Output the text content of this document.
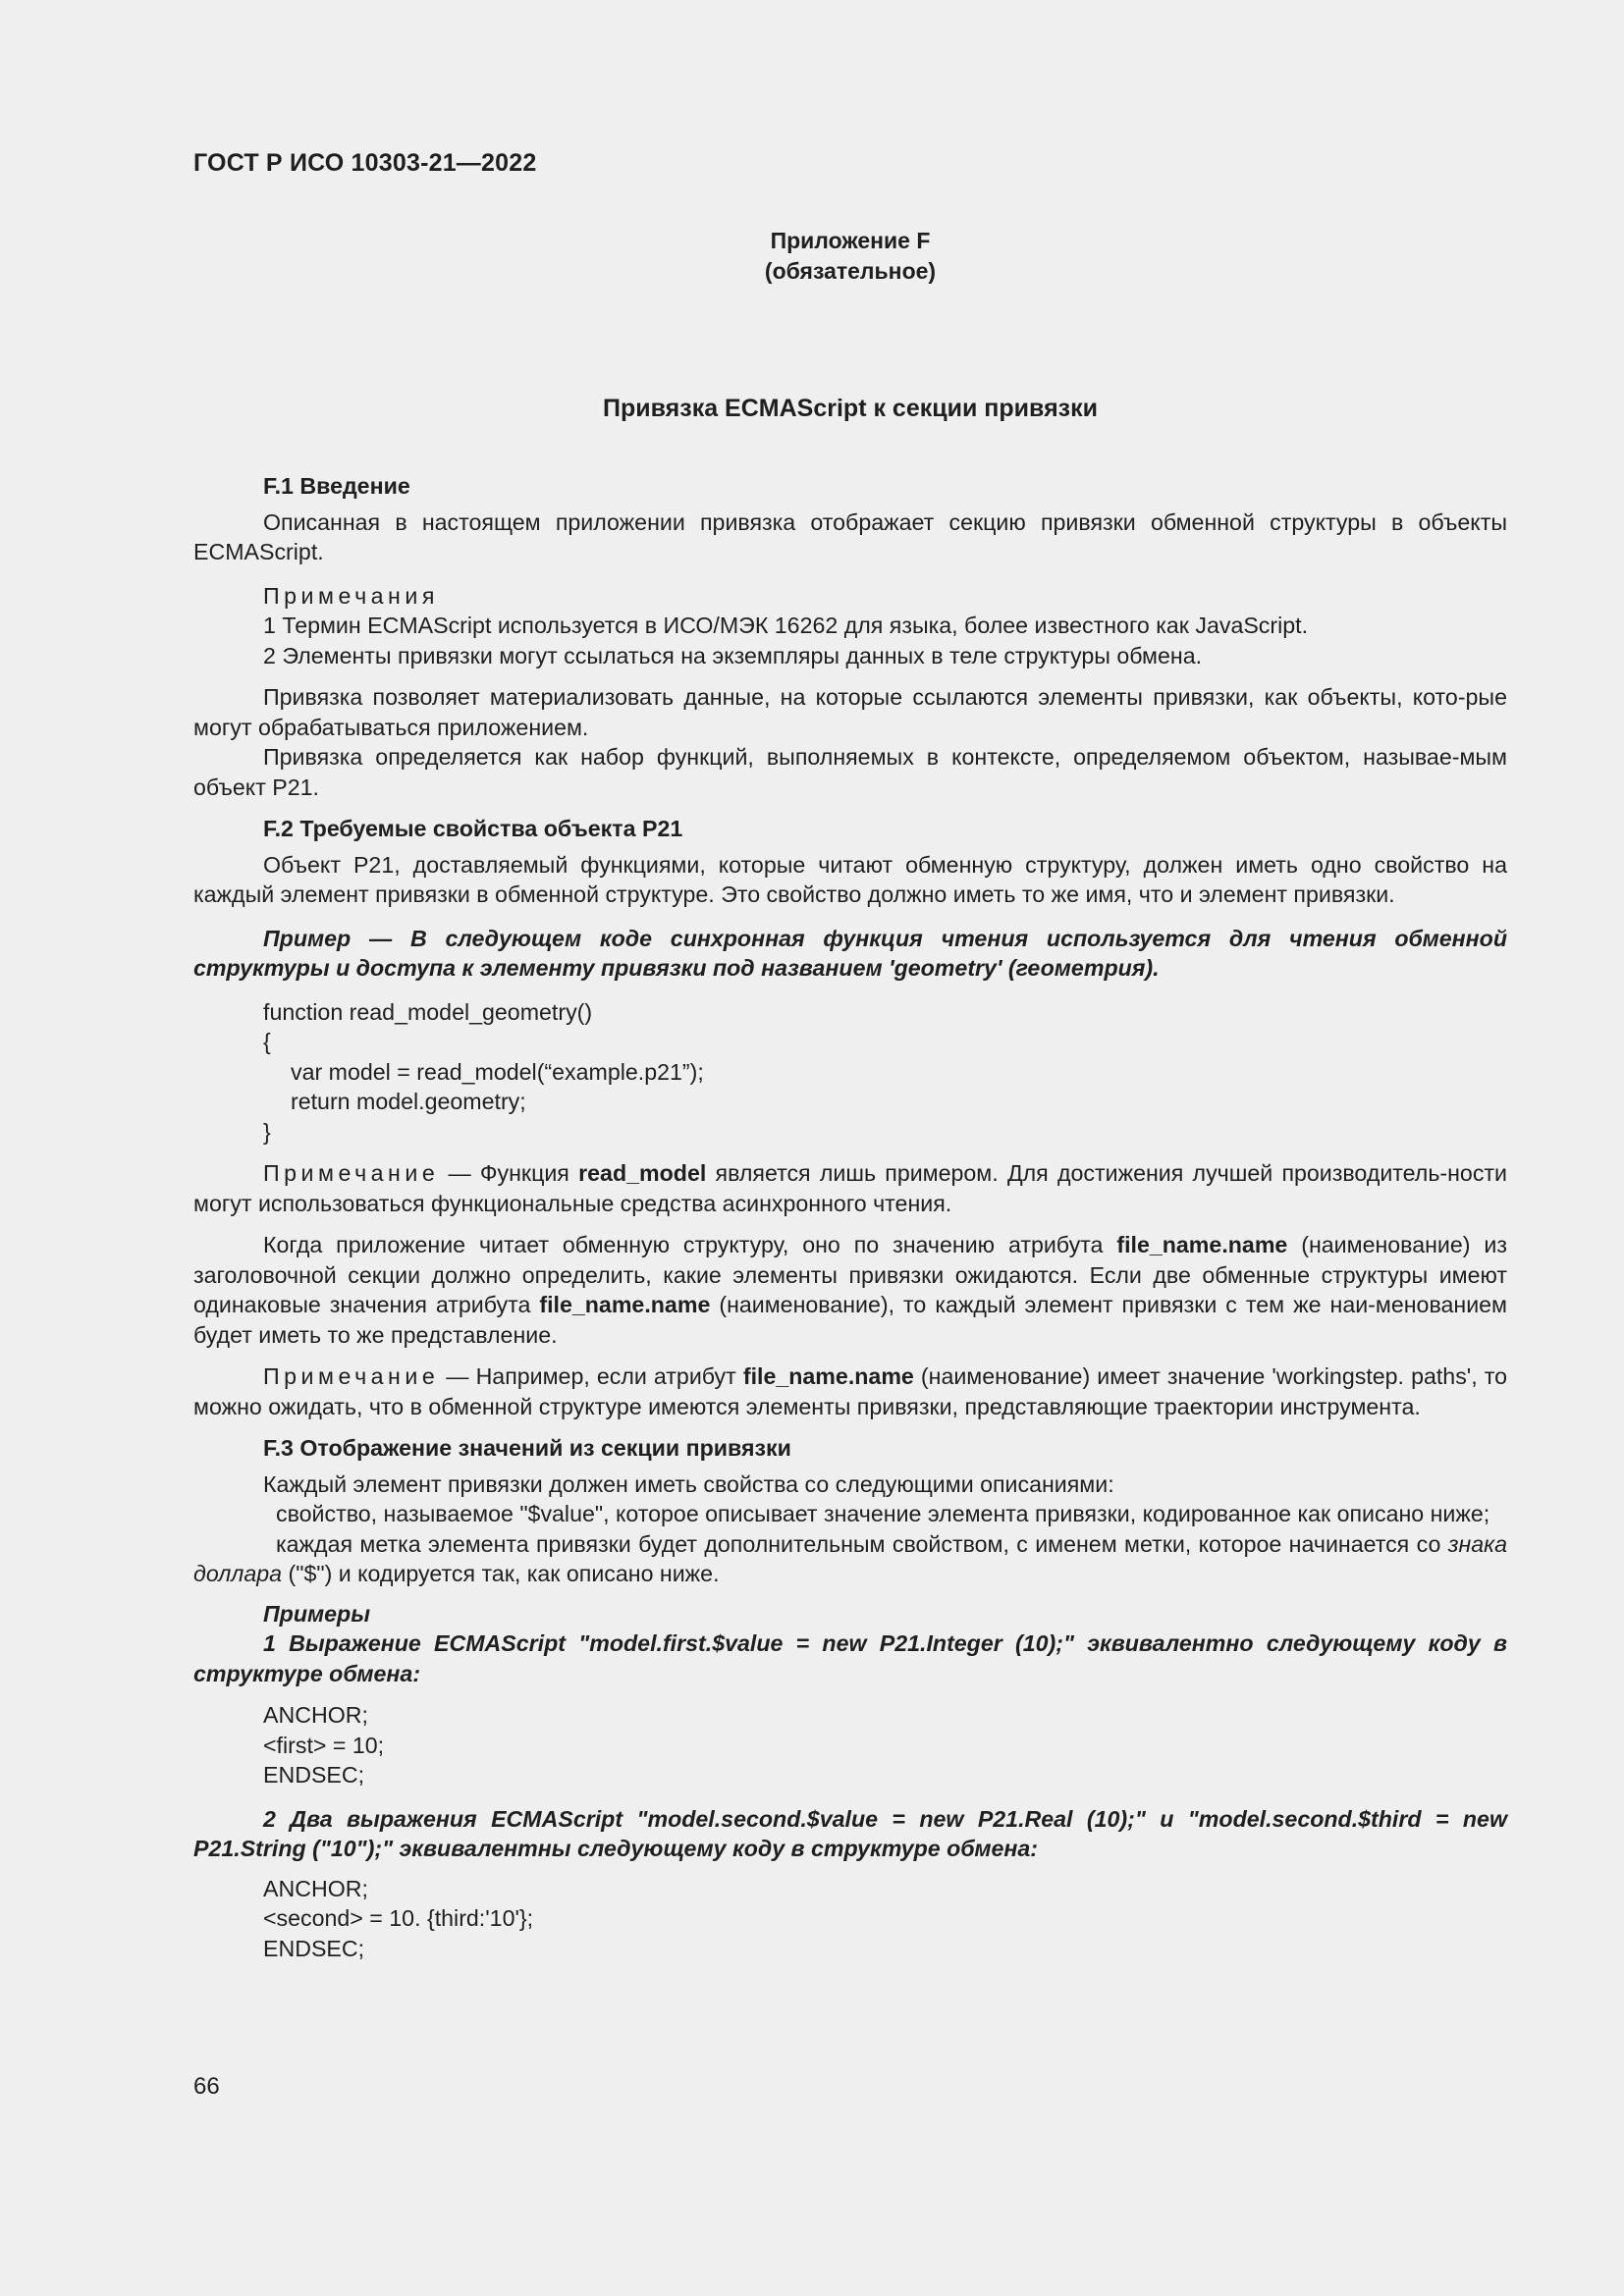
ГОСТ Р ИСО 10303-21—2022
Приложение F
(обязательное)
Привязка ECMAScript к секции привязки
F.1 Введение

Описанная в настоящем приложении привязка отображает секцию привязки обменной структуры в объекты ECMAScript.

Примечания

1 Термин ECMAScript используется в ИСО/МЭК 16262 для языка, более известного как JavaScript.

2 Элементы привязки могут ссылаться на экземпляры данных в теле структуры обмена.

Привязка позволяет материализовать данные, на которые ссылаются элементы привязки, как объекты, кото-рые могут обрабатываться приложением.

Привязка определяется как набор функций, выполняемых в контексте, определяемом объектом, называе-мым объект P21.

F.2 Требуемые свойства объекта P21

Объект P21, доставляемый функциями, которые читают обменную структуру, должен иметь одно свойство на каждый элемент привязки в обменной структуре. Это свойство должно иметь то же имя, что и элемент привязки.

Пример — В следующем коде синхронная функция чтения используется для чтения обменной структуры и доступа к элементу привязки под названием 'geometry' (геометрия).

function read_model_geometry()

{

var model = read_model(“example.p21”);

return model.geometry;

}

Примечание — Функция read_model является лишь примером. Для достижения лучшей производитель-ности могут использоваться функциональные средства асинхронного чтения.

Когда приложение читает обменную структуру, оно по значению атрибута file_name.name (наименование) из заголовочной секции должно определить, какие элементы привязки ожидаются. Если две обменные структуры имеют одинаковые значения атрибута file_name.name (наименование), то каждый элемент привязки с тем же наи-менованием будет иметь то же представление.

Примечание — Например, если атрибут file_name.name (наименование) имеет значение 'workingstep. paths', то можно ожидать, что в обменной структуре имеются элементы привязки, представляющие траектории инструмента.

F.3 Отображение значений из секции привязки

Каждый элемент привязки должен иметь свойства со следующими описаниями:

свойство, называемое "$value", которое описывает значение элемента привязки, кодированное как описано ниже;

каждая метка элемента привязки будет дополнительным свойством, с именем метки, которое начинается со знака доллара ("$") и кодируется так, как описано ниже.

Примеры

1 Выражение ECMAScript "model.first.$value = new P21.Integer (10);" эквивалентно следующему коду в структуре обмена:

ANCHOR;

<first> = 10;

ENDSEC;

2 Два выражения ECMAScript "model.second.$value = new P21.Real (10);" и "model.second.$third = new P21.String ("10");" эквивалентны следующему коду в структуре обмена:

ANCHOR;

<second> = 10. {third:'10'};

ENDSEC;

66
